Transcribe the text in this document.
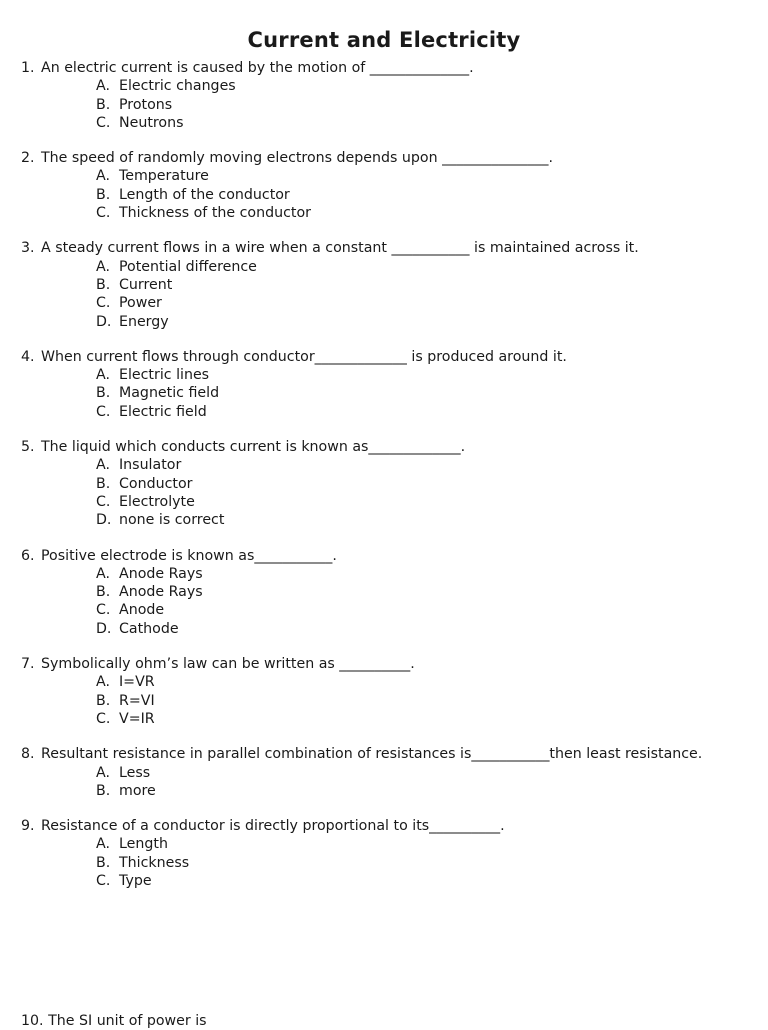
Current and Electricity
1. An electric current is caused by the motion of ______________.
A. Electric changes
B. Protons
C. Neutrons
2. The speed of randomly moving electrons depends upon _______________.
A. Temperature
B. Length of the conductor
C. Thickness of the conductor
3. A steady current flows in a wire when a constant ___________ is maintained across it.
A. Potential difference
B. Current
C. Power
D. Energy
4. When current flows through conductor_____________ is produced around it.
A. Electric lines
B. Magnetic field
C. Electric field
5. The liquid which conducts current is known as_____________.
A. Insulator
B. Conductor
C. Electrolyte
D. none is correct
6. Positive electrode is known as___________.
A. Anode Rays
B. Anode Rays
C. Anode
D. Cathode
7. Symbolically ohm’s law can be written as __________.
A. I=VR
B. R=VI
C. V=IR
8. Resultant resistance in parallel combination of resistances is___________then least resistance.
A. Less
B. more
9. Resistance of a conductor is directly proportional to its__________.
A. Length
B. Thickness
C. Type
10. The SI unit of power is
